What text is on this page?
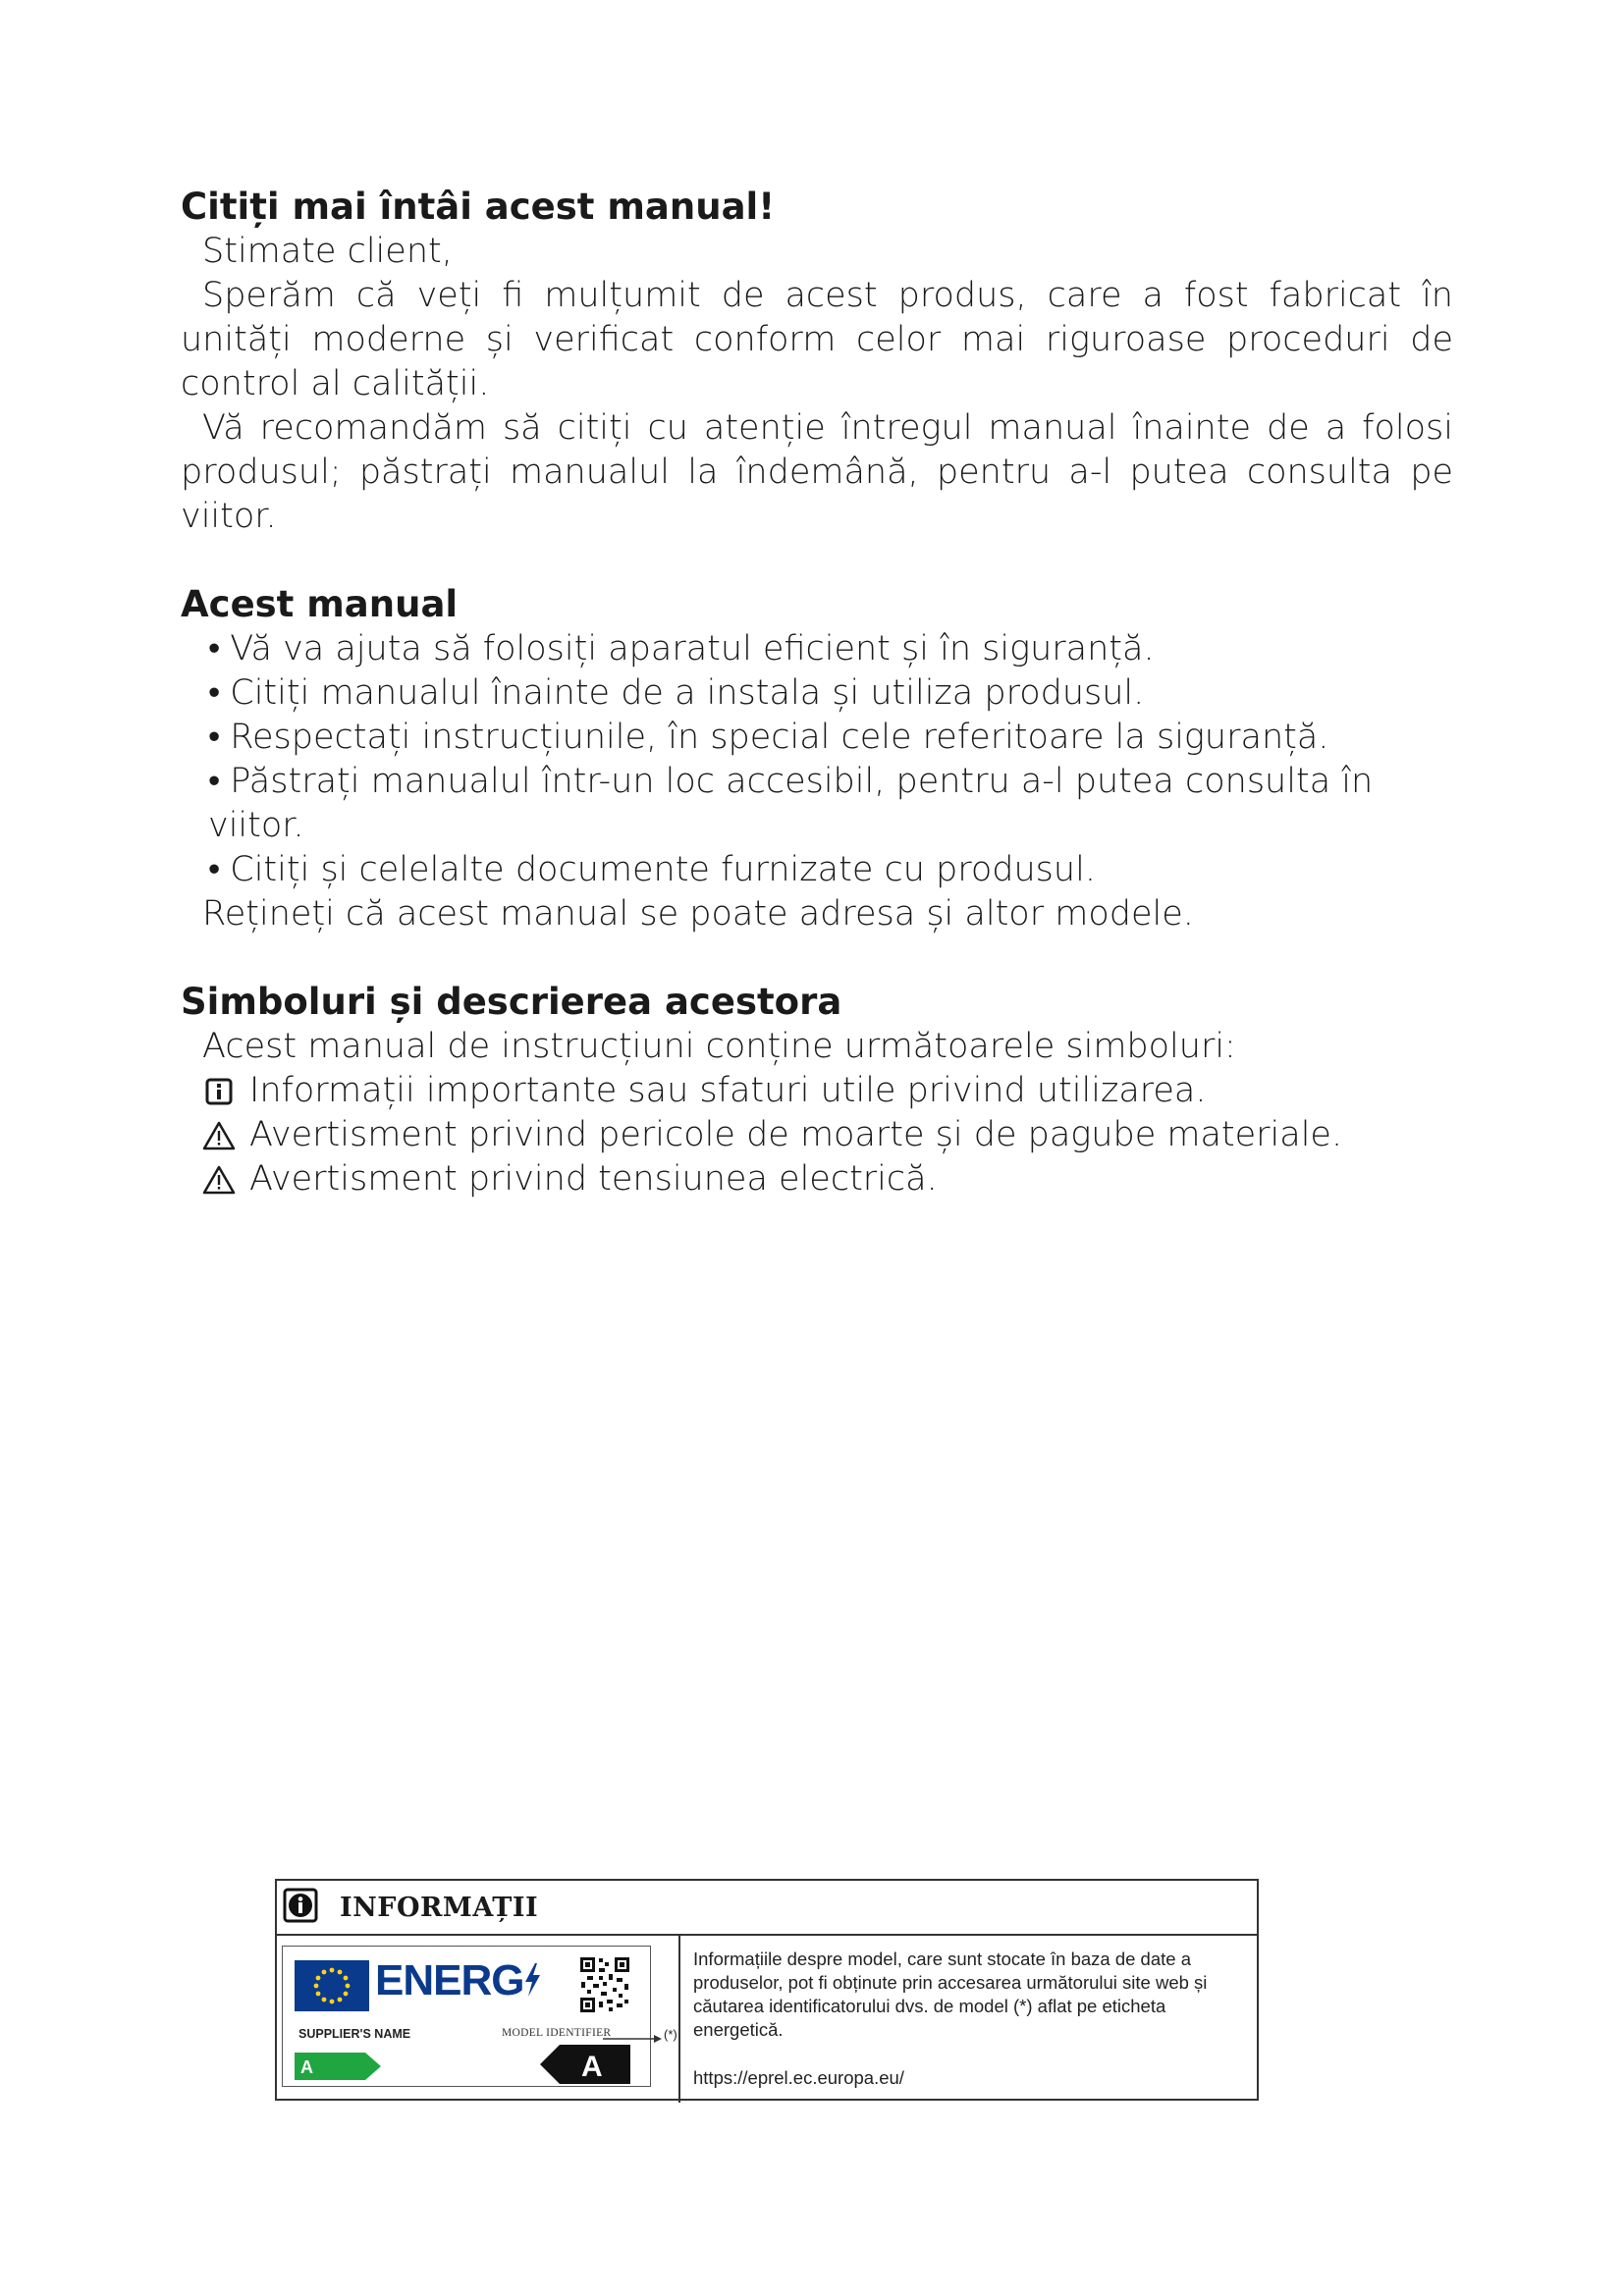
Citiți mai întâi acest manual!

Stimate client,

Sperăm că veți fi mulțumit de acest produs, care a fost fabricat în unități moderne și verificat conform celor mai riguroase proceduri de control al calității.

Vă recomandăm să citiți cu atenție întregul manual înainte de a folosi produsul; păstrați manualul la îndemână, pentru a-l putea consulta pe viitor.

Acest manual
• Vă va ajuta să folosiți aparatul eficient și în siguranță.
• Citiți manualul înainte de a instala și utiliza produsul.
• Respectați instrucțiunile, în special cele referitoare la siguranță.
• Păstrați manualul într-un loc accesibil, pentru a-l putea consulta în viitor.
• Citiți și celelalte documente furnizate cu produsul.

Rețineți că acest manual se poate adresa și altor modele.

Simboluri și descrierea acestora

Acest manual de instrucțiuni conține următoarele simboluri:

Informații importante sau sfaturi utile privind utilizarea.
Avertisment privind pericole de moarte și de pagube materiale.
Avertisment privind tensiunea electrică.
INFORMAȚII
ENERG
SUPPLIER'S NAME	MODEL IDENTIFIER	(*)
A	A
Informațiile despre model, care sunt stocate în baza de date a produselor, pot fi obținute prin accesarea următorului site web și căutarea identificatorului dvs. de model (*) aflat pe eticheta energetică.
https://eprel.ec.europa.eu/
